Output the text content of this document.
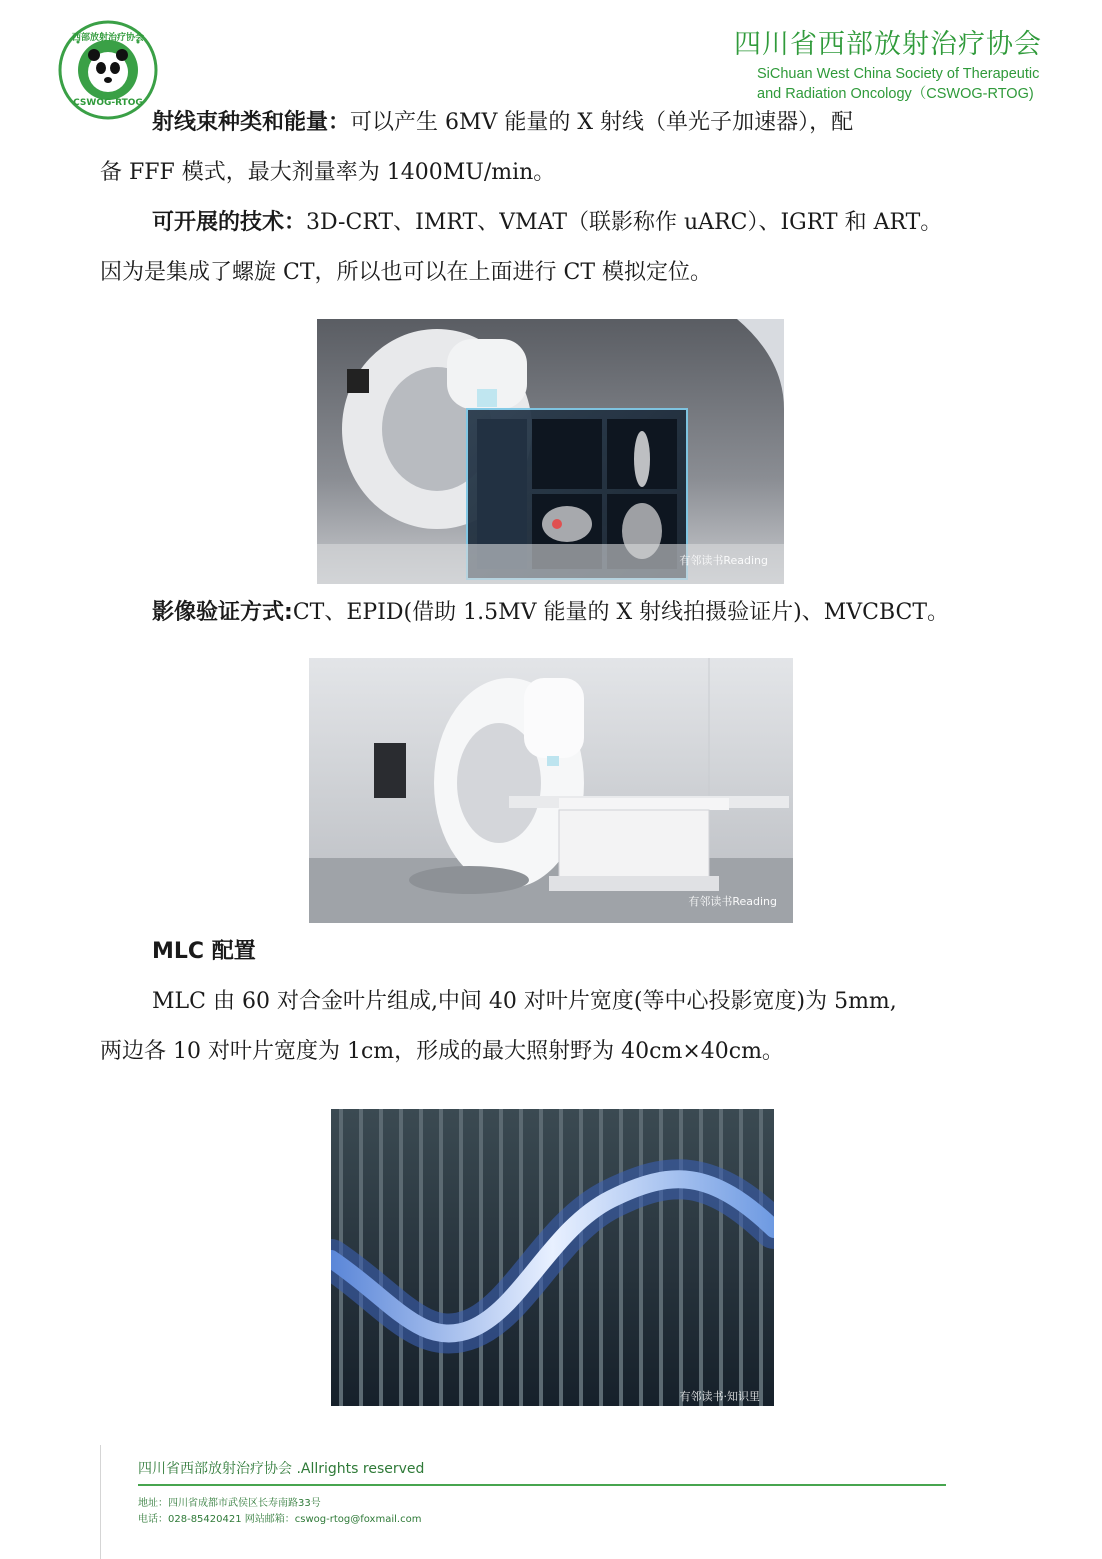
西部放射治疗协会
CSWOG-RTOG
四川省西部放射治疗协会
SiChuan West China Society of Therapeutic
and Radiation Oncology（CSWOG-RTOG)
射线束种类和能量：可以产生 6MV 能量的 X 射线（单光子加速器），配
备 FFF 模式，最大剂量率为 1400MU/min。
可开展的技术：3D-CRT、IMRT、VMAT（联影称作 uARC）、IGRT 和 ART。
因为是集成了螺旋 CT，所以也可以在上面进行 CT 模拟定位。
有邻读书Reading
影像验证方式:CT、EPID(借助 1.5MV 能量的 X 射线拍摄验证片)、MVCBCT。
有邻读书Reading
MLC 配置
MLC 由 60 对合金叶片组成,中间 40 对叶片宽度(等中心投影宽度)为 5mm,
两边各 10 对叶片宽度为 1cm，形成的最大照射野为 40cm×40cm。
有邻读书·知识里
四川省西部放射治疗协会 .Allrights reserved
地址：四川省成都市武侯区长寿南路33号
电话：028-85420421 网站邮箱：cswog-rtog@foxmail.com
